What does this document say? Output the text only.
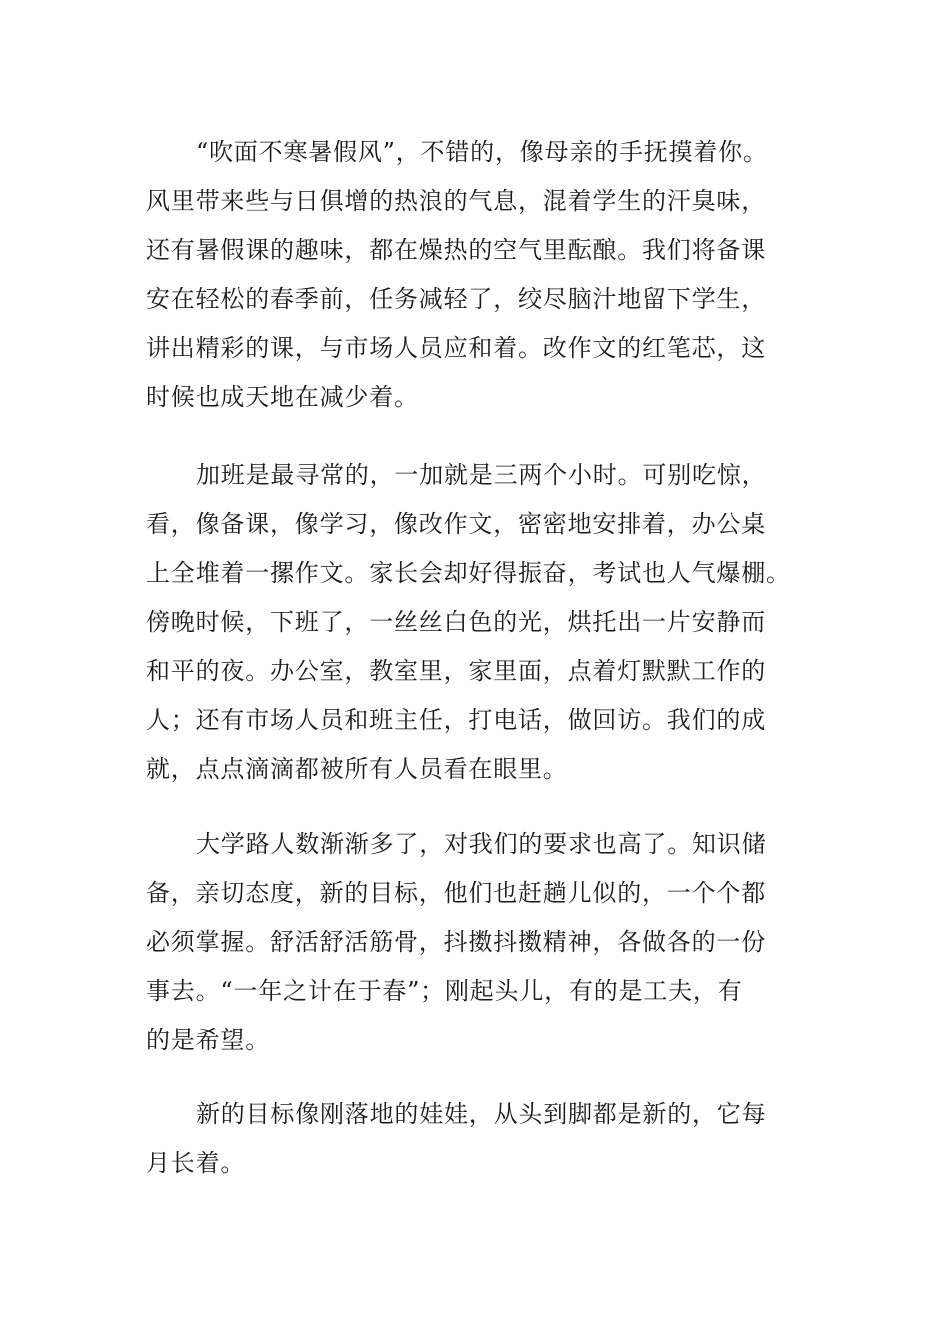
“吹面不寒暑假风”，不错的，像母亲的手抚摸着你。
风里带来些与日俱增的热浪的气息，混着学生的汗臭味，
还有暑假课的趣味，都在燥热的空气里酝酿。我们将备课
安在轻松的春季前，任务减轻了，绞尽脑汁地留下学生，
讲出精彩的课，与市场人员应和着。改作文的红笔芯，这
时候也成天地在减少着。
加班是最寻常的，一加就是三两个小时。可别吃惊，
看，像备课，像学习，像改作文，密密地安排着，办公桌
上全堆着一摞作文。家长会却好得振奋，考试也人气爆棚。
傍晚时候，下班了，一丝丝白色的光，烘托出一片安静而
和平的夜。办公室，教室里，家里面，点着灯默默工作的
人；还有市场人员和班主任，打电话，做回访。我们的成
就，点点滴滴都被所有人员看在眼里。
大学路人数渐渐多了，对我们的要求也高了。知识储
备，亲切态度，新的目标，他们也赶趟儿似的，一个个都
必须掌握。舒活舒活筋骨，抖擞抖擞精神，各做各的一份
事去。“一年之计在于春”；刚起头儿，有的是工夫，有
的是希望。
新的目标像刚落地的娃娃，从头到脚都是新的，它每
月长着。
